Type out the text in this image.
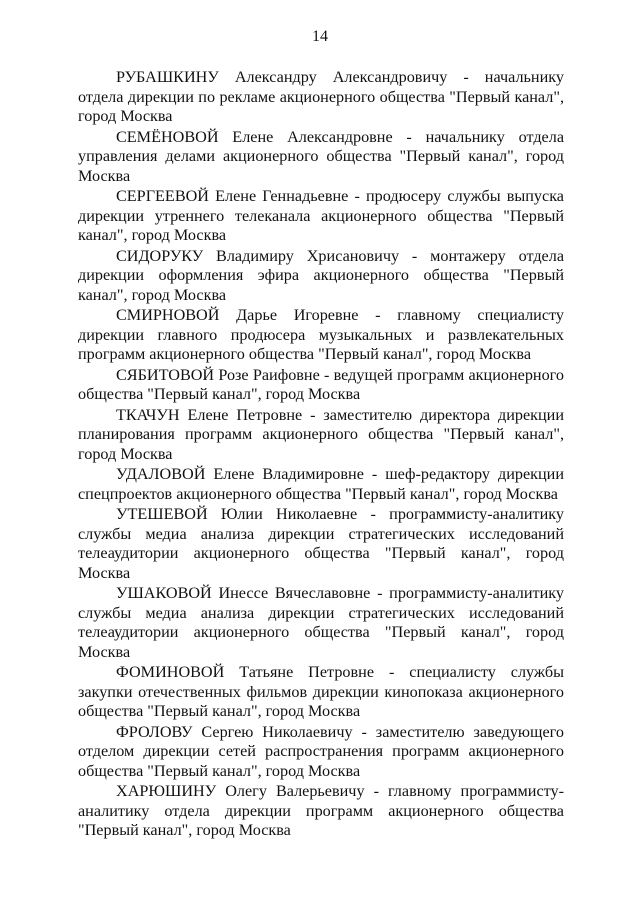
14

РУБАШКИНУ Александру Александровичу - начальнику отдела дирекции по рекламе акционерного общества "Первый канал", город Москва

СЕМЁНОВОЙ Елене Александровне - начальнику отдела управления делами акционерного общества "Первый канал", город Москва

СЕРГЕЕВОЙ Елене Геннадьевне - продюсеру службы выпуска дирекции утреннего телеканала акционерного общества "Первый канал", город Москва

СИДОРУКУ Владимиру Хрисановичу - монтажеру отдела дирекции оформления эфира акционерного общества "Первый канал", город Москва

СМИРНОВОЙ Дарье Игоревне - главному специалисту дирекции главного продюсера музыкальных и развлекательных программ акционерного общества "Первый канал", город Москва

СЯБИТОВОЙ Розе Раифовне - ведущей программ акционерного общества "Первый канал", город Москва

ТКАЧУН Елене Петровне - заместителю директора дирекции планирования программ акционерного общества "Первый канал", город Москва

УДАЛОВОЙ Елене Владимировне - шеф-редактору дирекции спецпроектов акционерного общества "Первый канал", город Москва

УТЕШЕВОЙ Юлии Николаевне - программисту-аналитику службы медиа анализа дирекции стратегических исследований телеаудитории акционерного общества "Первый канал", город Москва

УШАКОВОЙ Инессе Вячеславовне - программисту-аналитику службы медиа анализа дирекции стратегических исследований телеаудитории акционерного общества "Первый канал", город Москва

ФОМИНОВОЙ Татьяне Петровне - специалисту службы закупки отечественных фильмов дирекции кинопоказа акционерного общества "Первый канал", город Москва

ФРОЛОВУ Сергею Николаевичу - заместителю заведующего отделом дирекции сетей распространения программ акционерного общества "Первый канал", город Москва

ХАРЮШИНУ Олегу Валерьевичу - главному программисту-аналитику отдела дирекции программ акционерного общества "Первый канал", город Москва
